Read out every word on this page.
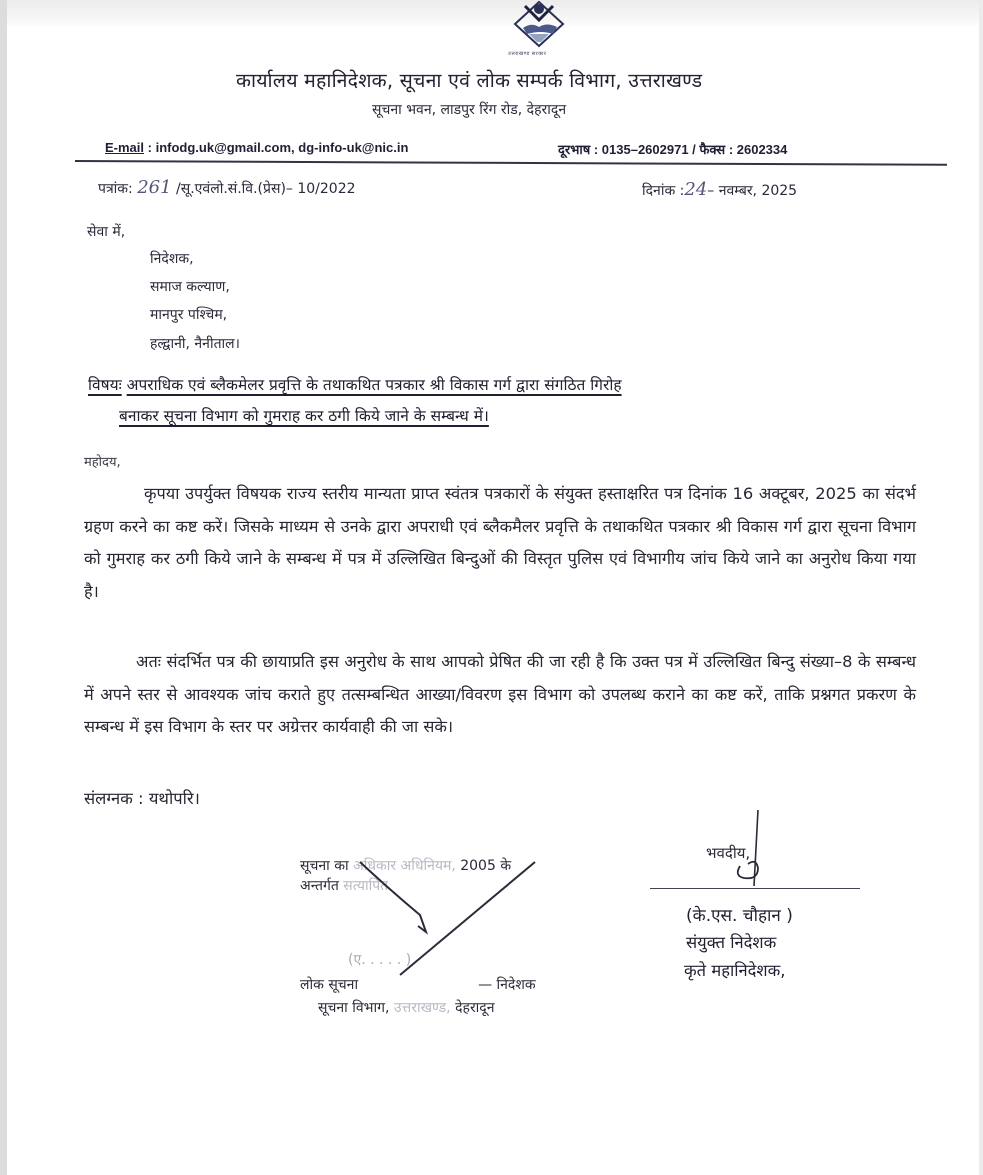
उत्तराखण्ड सरकार
कार्यालय महानिदेशक, सूचना एवं लोक सम्पर्क विभाग, उत्तराखण्ड
सूचना भवन, लाडपुर रिंग रोड, देहरादून
E-mail : infodg.uk@gmail.com, dg-info-uk@nic.in	दूरभाष : 0135–2602971 / फैक्स : 2602334
पत्रांक: 261 /सू.एवंलो.सं.वि.(प्रेस)– 10/2022	दिनांक :24– नवम्बर, 2025
सेवा में,
निदेशक,
समाज कल्याण,
मानपुर पश्चिम,
हल्द्वानी, नैनीताल।
विषयः अपराधिक एवं ब्लैकमेलर प्रवृत्ति के तथाकथित पत्रकार श्री विकास गर्ग द्वारा संगठित गिरोह
बनाकर सूचना विभाग को गुमराह कर ठगी किये जाने के सम्बन्ध में।
महोदय,
कृपया उपर्युक्त विषयक राज्य स्तरीय मान्यता प्राप्त स्वंतत्र पत्रकारों के संयुक्त हस्ताक्षरित पत्र दिनांक 16 अक्टूबर, 2025 का संदर्भ ग्रहण करने का कष्ट करें। जिसके माध्यम से उनके द्वारा अपराधी एवं ब्लैकमैलर प्रवृत्ति के तथाकथित पत्रकार श्री विकास गर्ग द्वारा सूचना विभाग को गुमराह कर ठगी किये जाने के सम्बन्ध में पत्र में उल्लिखित बिन्दुओं की विस्तृत पुलिस एवं विभागीय जांच किये जाने का अनुरोध किया गया है।
अतः संदर्भित पत्र की छायाप्रति इस अनुरोध के साथ आपको प्रेषित की जा रही है कि उक्त पत्र में उल्लिखित बिन्दु संख्या–8 के सम्बन्ध में अपने स्तर से आवश्यक जांच कराते हुए तत्सम्बन्धित आख्या/विवरण इस विभाग को उपलब्ध कराने का कष्ट करें, ताकि प्रश्नगत प्रकरण के सम्बन्ध में इस विभाग के स्तर पर अग्रेत्तर कार्यवाही की जा सके।
संलग्नक : यथोपरि।
सूचना का अधिकार अधिनियम, 2005 के
अन्तर्गत सत्यापित
(ए. . . . . )
लोक सूचना	— निदेशक
सूचना विभाग, उत्तराखण्ड, देहरादून
भवदीय,
(के.एस. चौहान )
संयुक्त निदेशक
कृते महानिदेशक,
